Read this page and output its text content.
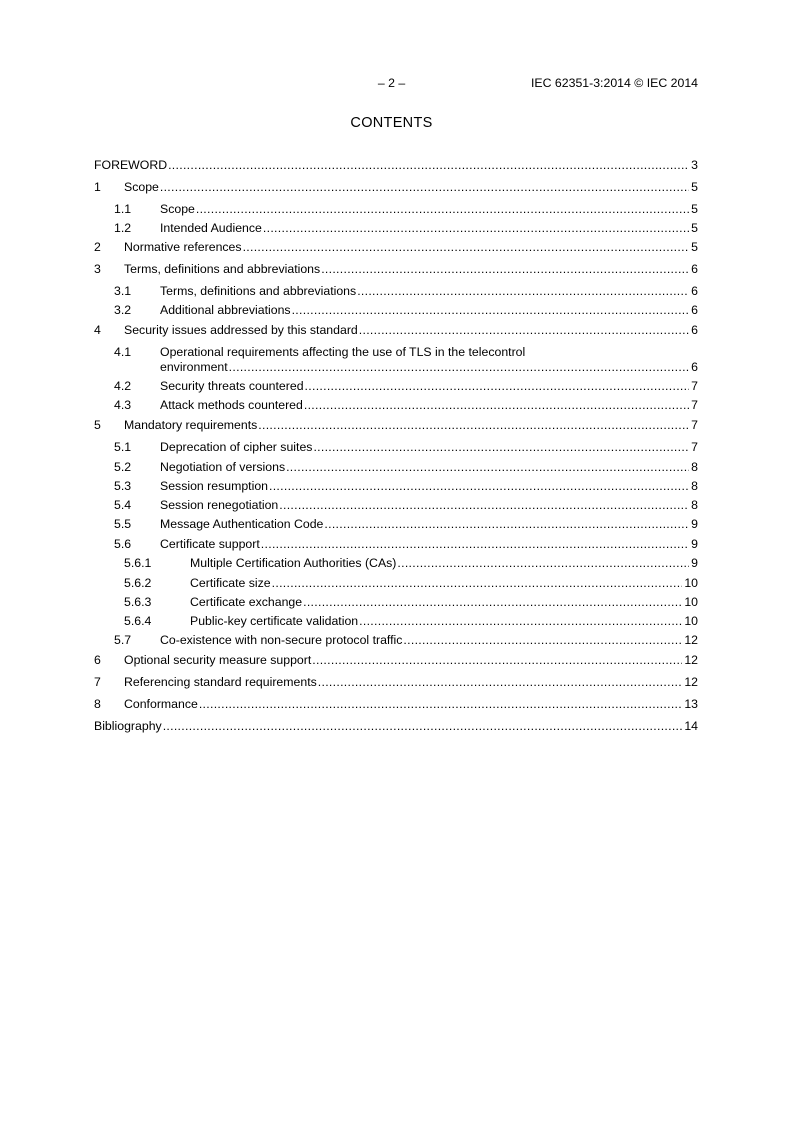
– 2 –	IEC 62351-3:2014 © IEC 2014
CONTENTS
FOREWORD .....	3
1 Scope .....	5
1.1 Scope .....	5
1.2 Intended Audience .....	5
2 Normative references .....	5
3 Terms, definitions and abbreviations .....	6
3.1 Terms, definitions and abbreviations .....	6
3.2 Additional abbreviations .....	6
4 Security issues addressed by this standard .....	6
4.1 Operational requirements affecting the use of TLS in the telecontrol
environment .....	6
4.2 Security threats countered .....	7
4.3 Attack methods countered .....	7
5 Mandatory requirements .....	7
5.1 Deprecation of cipher suites .....	7
5.2 Negotiation of versions .....	8
5.3 Session resumption .....	8
5.4 Session renegotiation .....	8
5.5 Message Authentication Code .....	9
5.6 Certificate support .....	9
5.6.1	Multiple Certification Authorities (CAs) .....	9
5.6.2	Certificate size .....	10
5.6.3	Certificate exchange .....	10
5.6.4	Public-key certificate validation .....	10
5.7 Co-existence with non-secure protocol traffic .....	12
6 Optional security measure support .....	12
7 Referencing standard requirements .....	12
8 Conformance .....	13
Bibliography .....	14
